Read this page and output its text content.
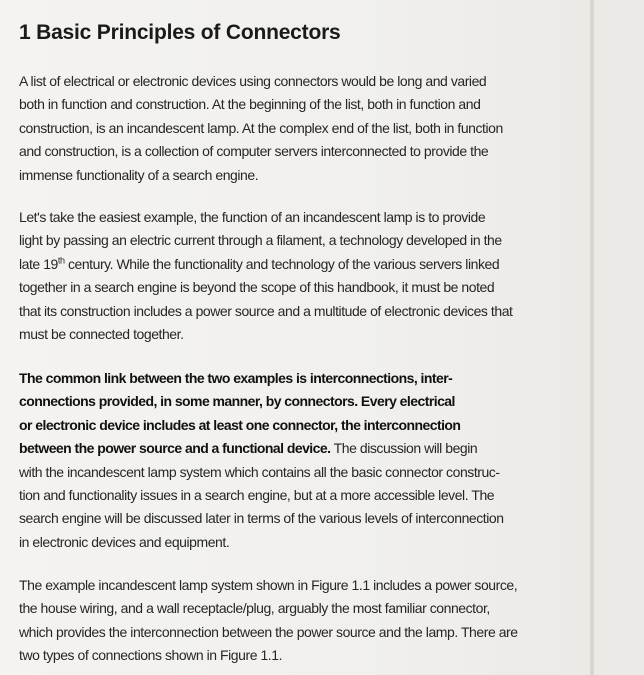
1 Basic Principles of Connectors

A list of electrical or electronic devices using connectors would be long and varied
both in function and construction. At the beginning of the list, both in function and
construction, is an incandescent lamp. At the complex end of the list, both in function
and construction, is a collection of computer servers interconnected to provide the
immense functionality of a search engine.

Let's take the easiest example, the function of an incandescent lamp is to provide
light by passing an electric current through a filament, a technology developed in the
late 19th century. While the functionality and technology of the various servers linked
together in a search engine is beyond the scope of this handbook, it must be noted
that its construction includes a power source and a multitude of electronic devices that
must be connected together.

The common link between the two examples is interconnections, inter-
connections provided, in some manner, by connectors. Every electrical
or electronic device includes at least one connector, the interconnection
between the power source and a functional device. The discussion will begin
with the incandescent lamp system which contains all the basic connector construc-
tion and functionality issues in a search engine, but at a more accessible level. The
search engine will be discussed later in terms of the various levels of interconnection
in electronic devices and equipment.

The example incandescent lamp system shown in Figure 1.1 includes a power source,
the house wiring, and a wall receptacle/plug, arguably the most familiar connector,
which provides the interconnection between the power source and the lamp. There are
two types of connections shown in Figure 1.1.
